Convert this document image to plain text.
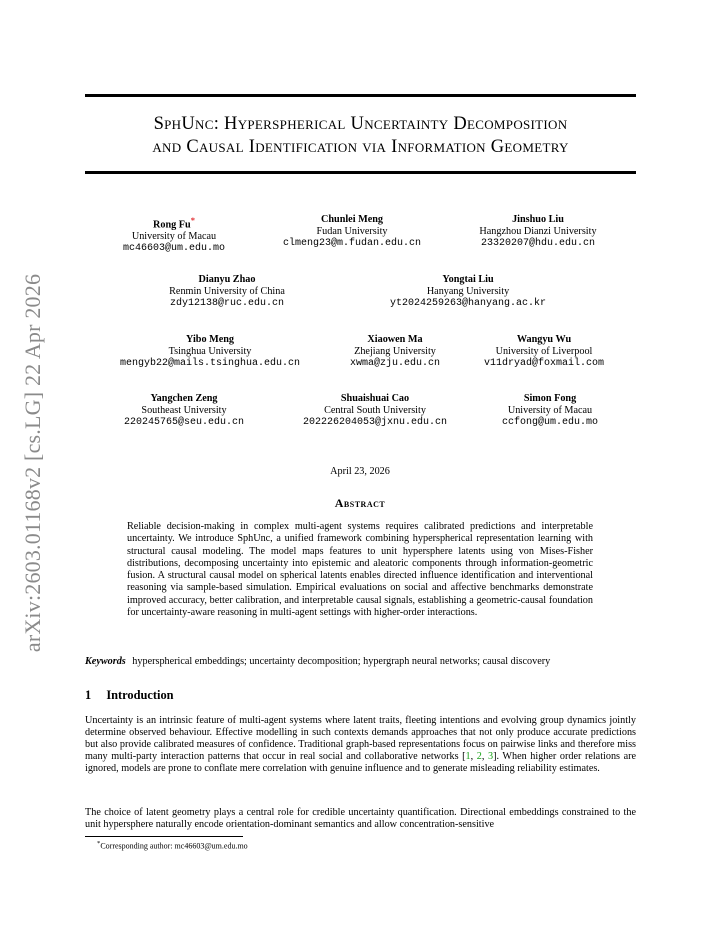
arXiv:2603.01168v2 [cs.LG] 22 Apr 2026
SphUnc: Hyperspherical Uncertainty Decomposition
and Causal Identification via Information Geometry
Rong Fu*
University of Macau
mc46603@um.edu.mo
Chunlei Meng
Fudan University
clmeng23@m.fudan.edu.cn
Jinshuo Liu
Hangzhou Dianzi University
23320207@hdu.edu.cn
Dianyu Zhao
Renmin University of China
zdy12138@ruc.edu.cn
Yongtai Liu
Hanyang University
yt2024259263@hanyang.ac.kr
Yibo Meng
Tsinghua University
mengyb22@mails.tsinghua.edu.cn
Xiaowen Ma
Zhejiang University
xwma@zju.edu.cn
Wangyu Wu
University of Liverpool
v11dryad@foxmail.com
Yangchen Zeng
Southeast University
220245765@seu.edu.cn
Shuaishuai Cao
Central South University
202226204053@jxnu.edu.cn
Simon Fong
University of Macau
ccfong@um.edu.mo
April 23, 2026
Abstract
Reliable decision-making in complex multi-agent systems requires calibrated predictions and interpretable uncertainty. We introduce SphUnc, a unified framework combining hyperspherical representation learning with structural causal modeling. The model maps features to unit hypersphere latents using von Mises-Fisher distributions, decomposing uncertainty into epistemic and aleatoric components through information-geometric fusion. A structural causal model on spherical latents enables directed influence identification and interventional reasoning via sample-based simulation. Empirical evaluations on social and affective benchmarks demonstrate improved accuracy, better calibration, and interpretable causal signals, establishing a geometric-causal foundation for uncertainty-aware reasoning in multi-agent settings with higher-order interactions.
Keywords hyperspherical embeddings; uncertainty decomposition; hypergraph neural networks; causal discovery
1 Introduction
Uncertainty is an intrinsic feature of multi-agent systems where latent traits, fleeting intentions and evolving group dynamics jointly determine observed behaviour. Effective modelling in such contexts demands approaches that not only produce accurate predictions but also provide calibrated measures of confidence. Traditional graph-based representations focus on pairwise links and therefore miss many multi-party interaction patterns that occur in real social and collaborative networks [1, 2, 3]. When higher order relations are ignored, models are prone to conflate mere correlation with genuine influence and to generate misleading reliability estimates.
The choice of latent geometry plays a central role for credible uncertainty quantification. Directional embeddings constrained to the unit hypersphere naturally encode orientation-dominant semantics and allow concentration-sensitive
*Corresponding author: mc46603@um.edu.mo
